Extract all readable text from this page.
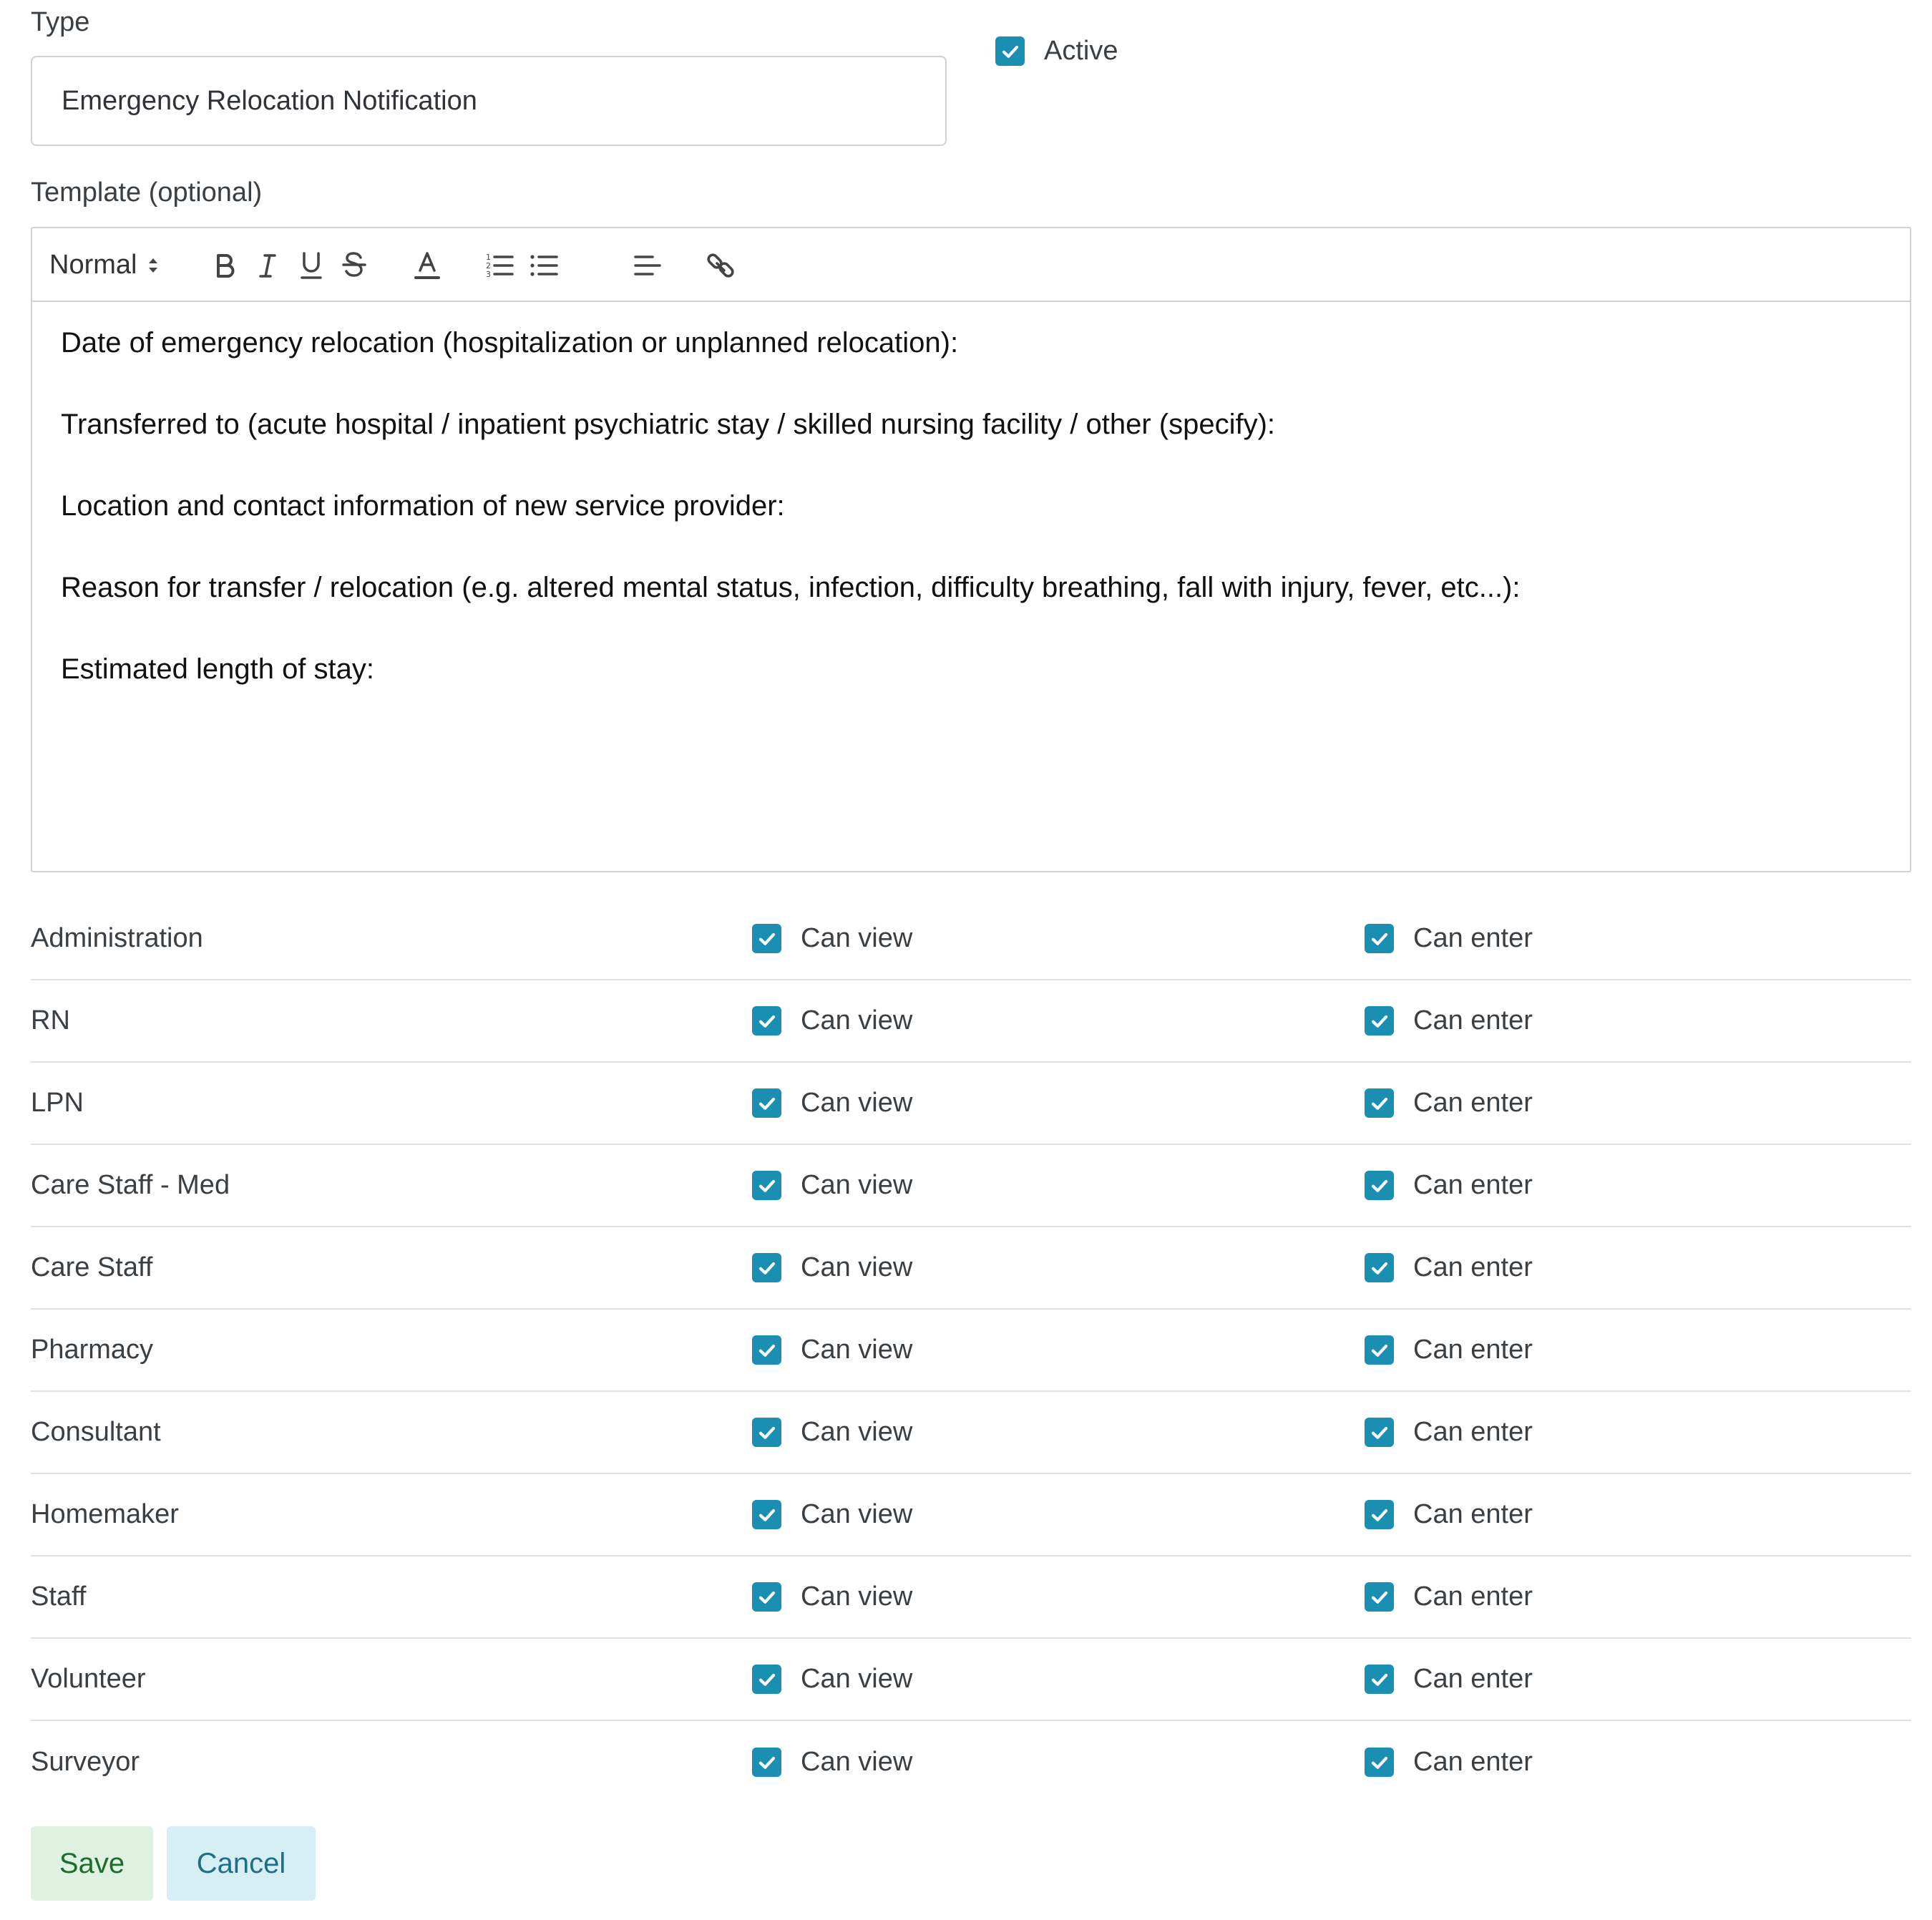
Type
Emergency Relocation Notification
Active
Template (optional)
Normal	1
2
3

Date of emergency relocation (hospitalization or unplanned relocation):

Transferred to (acute hospital / inpatient psychiatric stay / skilled nursing facility / other (specify):

Location and contact information of new service provider:

Reason for transfer / relocation (e.g. altered mental status, infection, difficulty breathing, fall with injury, fever, etc...):

Estimated length of stay:

Administration	Can view	Can enter
RN	Can view	Can enter
LPN	Can view	Can enter
Care Staff - Med	Can view	Can enter
Care Staff	Can view	Can enter
Pharmacy	Can view	Can enter
Consultant	Can view	Can enter
Homemaker	Can view	Can enter
Staff	Can view	Can enter
Volunteer	Can view	Can enter
Surveyor	Can view	Can enter
Save	Cancel
